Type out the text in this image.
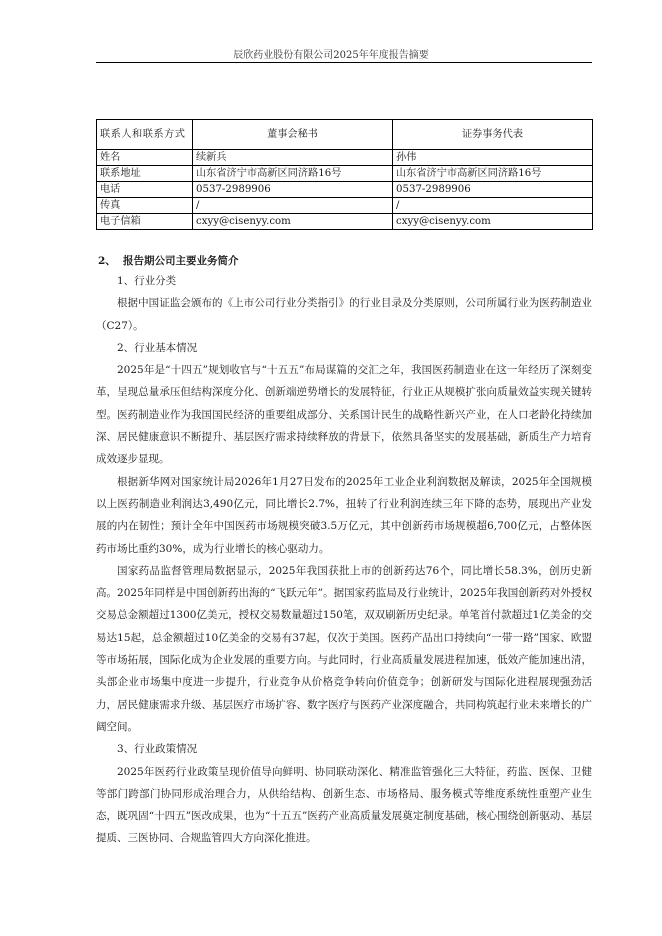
辰欣药业股份有限公司2025年年度报告摘要
联系人和联系方式	董事会秘书	证券事务代表
姓名	续新兵	孙伟
联系地址	山东省济宁市高新区同济路16号	山东省济宁市高新区同济路16号
电话	0537-2989906	0537-2989906
传真	/	/
电子信箱	cxyy@cisenyy.com	cxyy@cisenyy.com
2、 报告期公司主要业务简介

1、行业分类

根据中国证监会颁布的《上市公司行业分类指引》的行业目录及分类原则，公司所属行业为医药制造业（C27）。

2、行业基本情况

2025年是“十四五”规划收官与“十五五”布局谋篇的交汇之年，我国医药制造业在这一年经历了深刻变革，呈现总量承压但结构深度分化、创新端逆势增长的发展特征，行业正从规模扩张向质量效益实现关键转型。医药制造业作为我国国民经济的重要组成部分、关系国计民生的战略性新兴产业，在人口老龄化持续加深、居民健康意识不断提升、基层医疗需求持续释放的背景下，依然具备坚实的发展基础，新质生产力培育成效逐步显现。

根据新华网对国家统计局2026年1月27日发布的2025年工业企业利润数据及解读，2025年全国规模以上医药制造业利润达3,490亿元，同比增长2.7%，扭转了行业利润连续三年下降的态势，展现出产业发展的内在韧性；预计全年中国医药市场规模突破3.5万亿元，其中创新药市场规模超6,700亿元，占整体医药市场比重约30%，成为行业增长的核心驱动力。

国家药品监督管理局数据显示，2025年我国获批上市的创新药达76个，同比增长58.3%，创历史新高。2025年同样是中国创新药出海的“飞跃元年”。据国家药监局及行业统计，2025年我国创新药对外授权交易总金额超过1300亿美元，授权交易数量超过150笔，双双刷新历史纪录。单笔首付款超过1亿美金的交易达15起，总金额超过10亿美金的交易有37起，仅次于美国。医药产品出口持续向“一带一路”国家、欧盟等市场拓展，国际化成为企业发展的重要方向。与此同时，行业高质量发展进程加速，低效产能加速出清，头部企业市场集中度进一步提升，行业竞争从价格竞争转向价值竞争；创新研发与国际化进程展现强劲活力，居民健康需求升级、基层医疗市场扩容、数字医疗与医药产业深度融合，共同构筑起行业未来增长的广阔空间。

3、行业政策情况

2025年医药行业政策呈现价值导向鲜明、协同联动深化、精准监管强化三大特征，药监、医保、卫健等部门跨部门协同形成治理合力，从供给结构、创新生态、市场格局、服务模式等维度系统性重塑产业生态，既巩固“十四五”医改成果，也为“十五五”医药产业高质量发展奠定制度基础，核心围绕创新驱动、基层提质、三医协同、合规监管四大方向深化推进。
